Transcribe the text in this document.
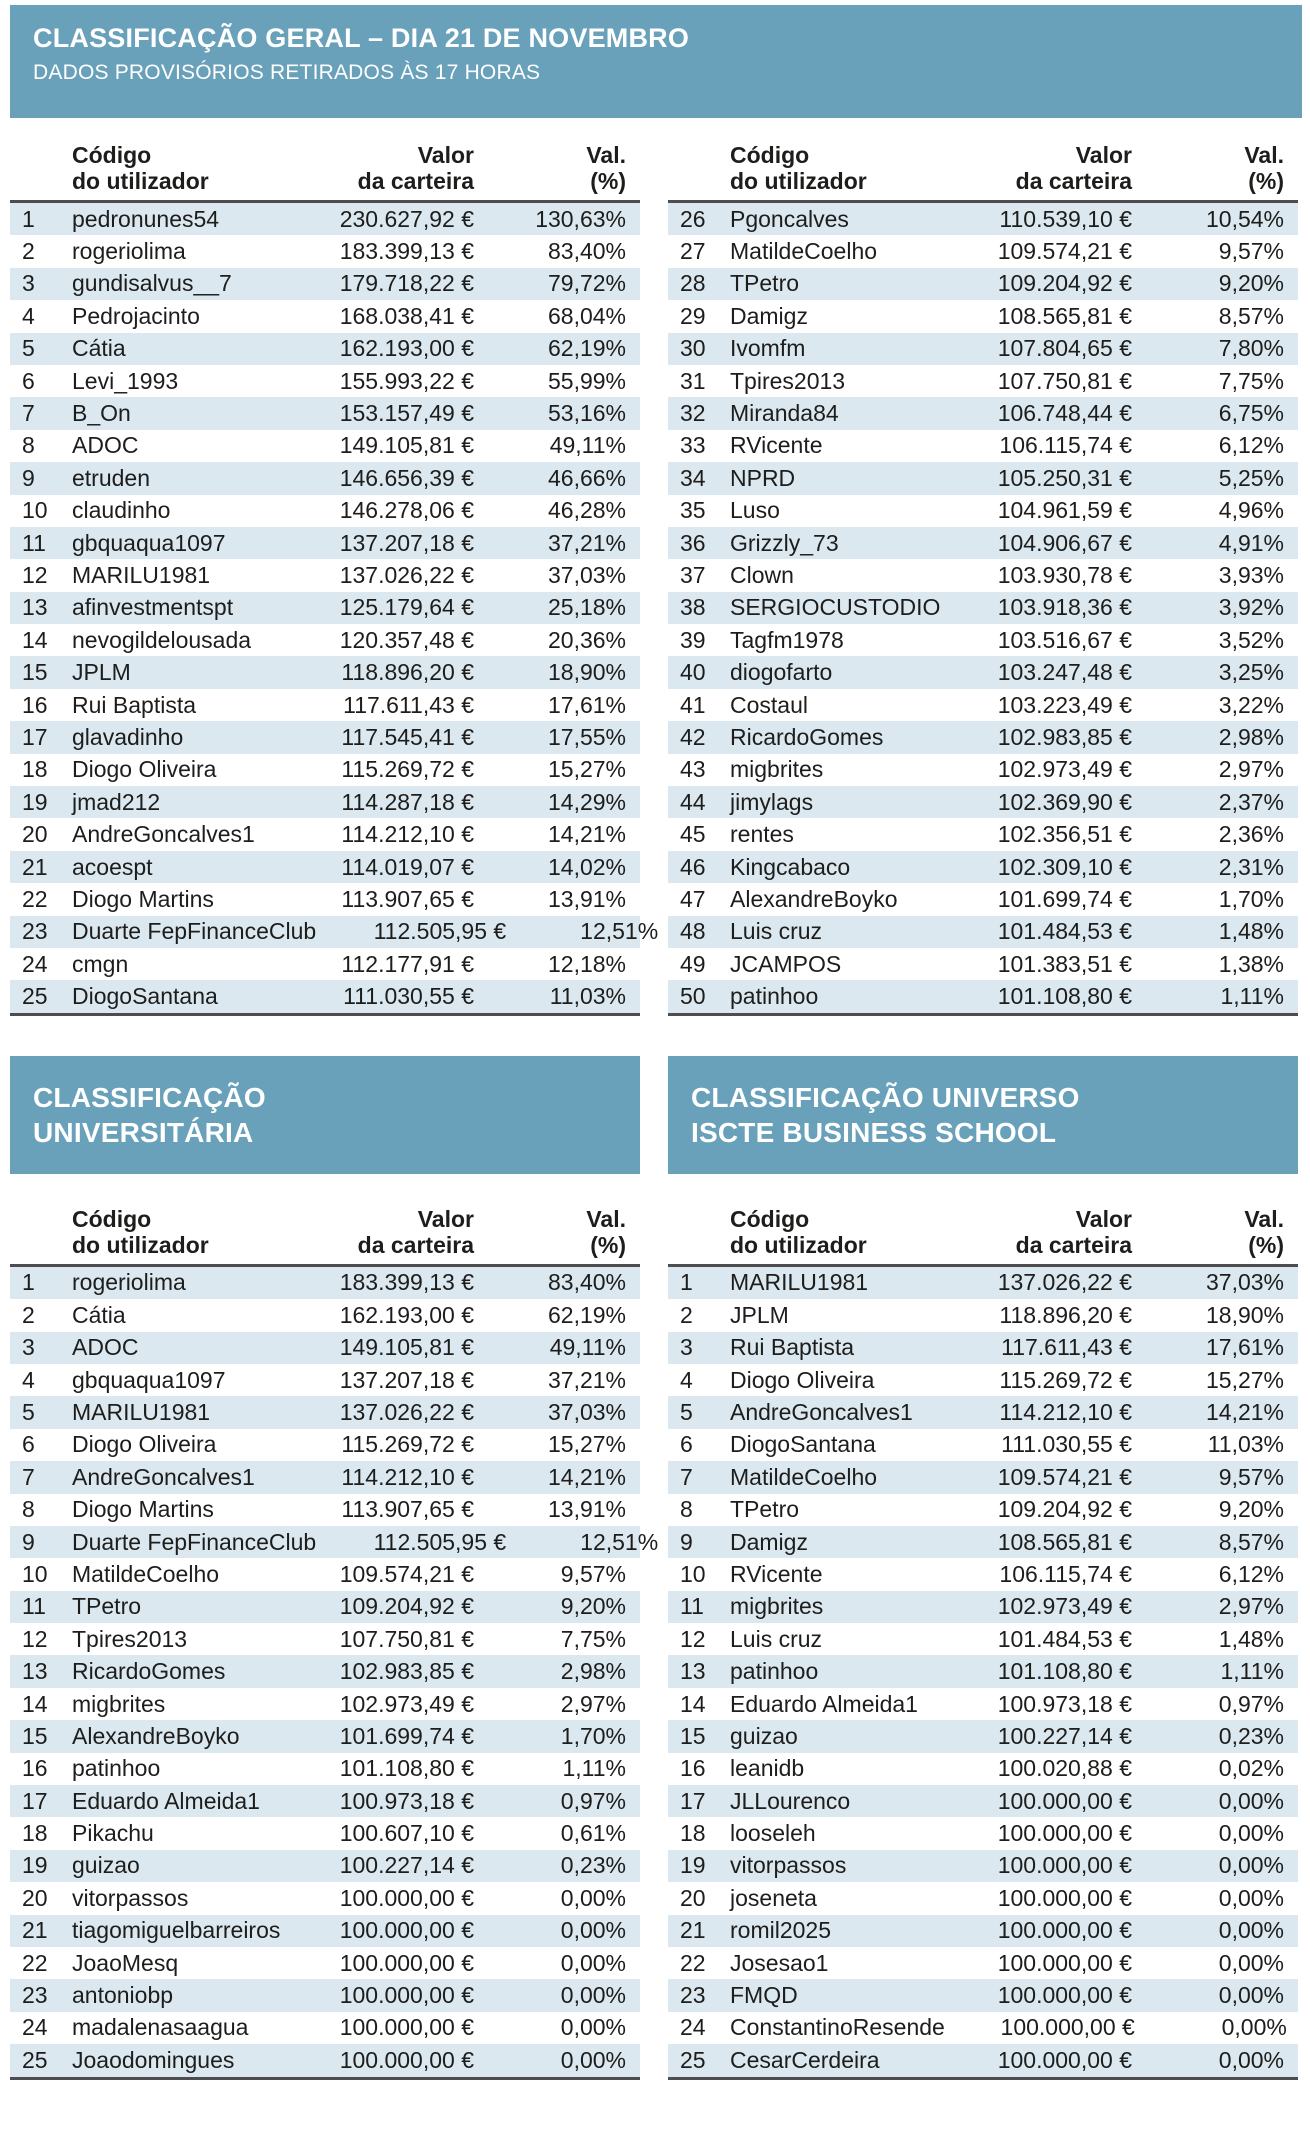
CLASSIFICAÇÃO GERAL – DIA 21 DE NOVEMBRO
DADOS PROVISÓRIOS RETIRADOS ÀS 17 HORAS
Código
do utilizador
Valor
da carteira
Val.
(%)
1	pedronunes54	230.627,92 €	130,63%
2	rogeriolima	183.399,13 €	83,40%
3	gundisalvus__7	179.718,22 €	79,72%
4	Pedrojacinto	168.038,41 €	68,04%
5	Cátia	162.193,00 €	62,19%
6	Levi_1993	155.993,22 €	55,99%
7	B_On	153.157,49 €	53,16%
8	ADOC	149.105,81 €	49,11%
9	etruden	146.656,39 €	46,66%
10	claudinho	146.278,06 €	46,28%
11	gbquaqua1097	137.207,18 €	37,21%
12	MARILU1981	137.026,22 €	37,03%
13	afinvestmentspt	125.179,64 €	25,18%
14	nevogildelousada	120.357,48 €	20,36%
15	JPLM	118.896,20 €	18,90%
16	Rui Baptista	117.611,43 €	17,61%
17	glavadinho	117.545,41 €	17,55%
18	Diogo Oliveira	115.269,72 €	15,27%
19	jmad212	114.287,18 €	14,29%
20	AndreGoncalves1	114.212,10 €	14,21%
21	acoespt	114.019,07 €	14,02%
22	Diogo Martins	113.907,65 €	13,91%
23	Duarte FepFinanceClub	112.505,95 €	12,51%
24	cmgn	112.177,91 €	12,18%
25	DiogoSantana	111.030,55 €	11,03%
Código
do utilizador
Valor
da carteira
Val.
(%)
26	Pgoncalves	110.539,10 €	10,54%
27	MatildeCoelho	109.574,21 €	9,57%
28	TPetro	109.204,92 €	9,20%
29	Damigz	108.565,81 €	8,57%
30	Ivomfm	107.804,65 €	7,80%
31	Tpires2013	107.750,81 €	7,75%
32	Miranda84	106.748,44 €	6,75%
33	RVicente	106.115,74 €	6,12%
34	NPRD	105.250,31 €	5,25%
35	Luso	104.961,59 €	4,96%
36	Grizzly_73	104.906,67 €	4,91%
37	Clown	103.930,78 €	3,93%
38	SERGIOCUSTODIO	103.918,36 €	3,92%
39	Tagfm1978	103.516,67 €	3,52%
40	diogofarto	103.247,48 €	3,25%
41	Costaul	103.223,49 €	3,22%
42	RicardoGomes	102.983,85 €	2,98%
43	migbrites	102.973,49 €	2,97%
44	jimylags	102.369,90 €	2,37%
45	rentes	102.356,51 €	2,36%
46	Kingcabaco	102.309,10 €	2,31%
47	AlexandreBoyko	101.699,74 €	1,70%
48	Luis cruz	101.484,53 €	1,48%
49	JCAMPOS	101.383,51 €	1,38%
50	patinhoo	101.108,80 €	1,11%
CLASSIFICAÇÃO
UNIVERSITÁRIA
Código
do utilizador
Valor
da carteira
Val.
(%)
1	rogeriolima	183.399,13 €	83,40%
2	Cátia	162.193,00 €	62,19%
3	ADOC	149.105,81 €	49,11%
4	gbquaqua1097	137.207,18 €	37,21%
5	MARILU1981	137.026,22 €	37,03%
6	Diogo Oliveira	115.269,72 €	15,27%
7	AndreGoncalves1	114.212,10 €	14,21%
8	Diogo Martins	113.907,65 €	13,91%
9	Duarte FepFinanceClub	112.505,95 €	12,51%
10	MatildeCoelho	109.574,21 €	9,57%
11	TPetro	109.204,92 €	9,20%
12	Tpires2013	107.750,81 €	7,75%
13	RicardoGomes	102.983,85 €	2,98%
14	migbrites	102.973,49 €	2,97%
15	AlexandreBoyko	101.699,74 €	1,70%
16	patinhoo	101.108,80 €	1,11%
17	Eduardo Almeida1	100.973,18 €	0,97%
18	Pikachu	100.607,10 €	0,61%
19	guizao	100.227,14 €	0,23%
20	vitorpassos	100.000,00 €	0,00%
21	tiagomiguelbarreiros	100.000,00 €	0,00%
22	JoaoMesq	100.000,00 €	0,00%
23	antoniobp	100.000,00 €	0,00%
24	madalenasaagua	100.000,00 €	0,00%
25	Joaodomingues	100.000,00 €	0,00%
CLASSIFICAÇÃO UNIVERSO
ISCTE BUSINESS SCHOOL
Código
do utilizador
Valor
da carteira
Val.
(%)
1	MARILU1981	137.026,22 €	37,03%
2	JPLM	118.896,20 €	18,90%
3	Rui Baptista	117.611,43 €	17,61%
4	Diogo Oliveira	115.269,72 €	15,27%
5	AndreGoncalves1	114.212,10 €	14,21%
6	DiogoSantana	111.030,55 €	11,03%
7	MatildeCoelho	109.574,21 €	9,57%
8	TPetro	109.204,92 €	9,20%
9	Damigz	108.565,81 €	8,57%
10	RVicente	106.115,74 €	6,12%
11	migbrites	102.973,49 €	2,97%
12	Luis cruz	101.484,53 €	1,48%
13	patinhoo	101.108,80 €	1,11%
14	Eduardo Almeida1	100.973,18 €	0,97%
15	guizao	100.227,14 €	0,23%
16	leanidb	100.020,88 €	0,02%
17	JLLourenco	100.000,00 €	0,00%
18	looseleh	100.000,00 €	0,00%
19	vitorpassos	100.000,00 €	0,00%
20	joseneta	100.000,00 €	0,00%
21	romil2025	100.000,00 €	0,00%
22	Josesao1	100.000,00 €	0,00%
23	FMQD	100.000,00 €	0,00%
24	ConstantinoResende	100.000,00 €	0,00%
25	CesarCerdeira	100.000,00 €	0,00%
